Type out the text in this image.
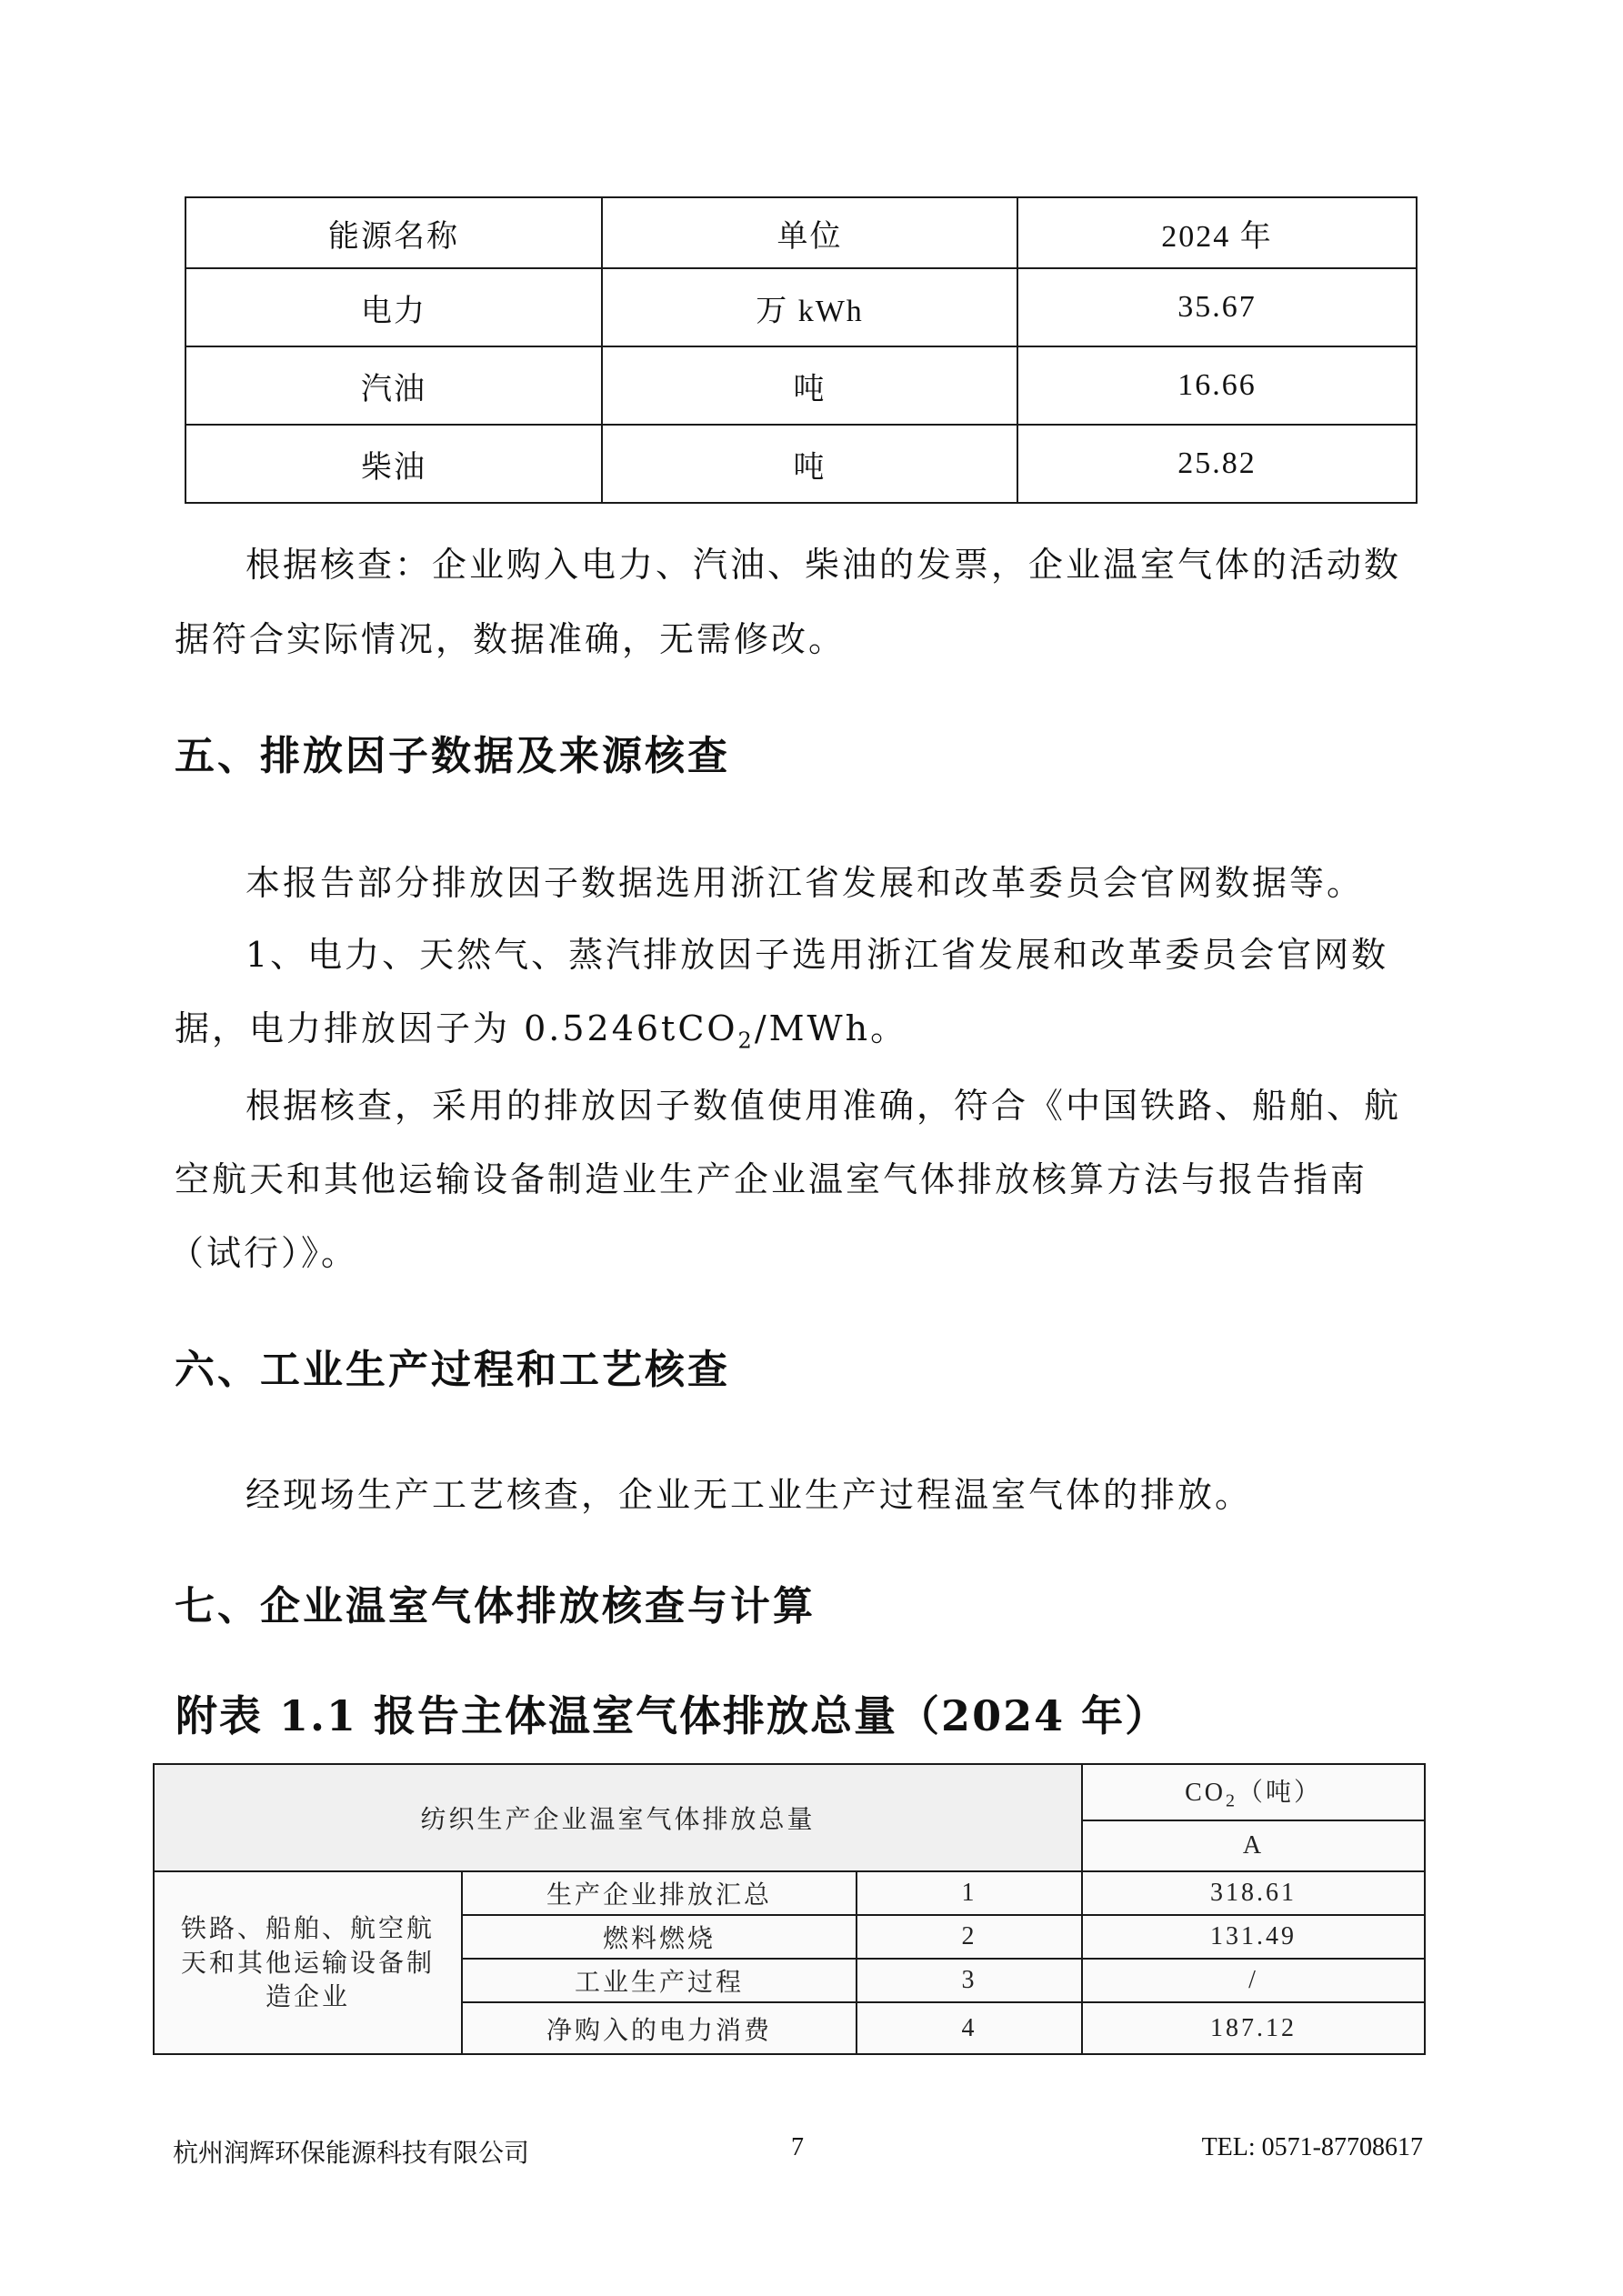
能源名称	单位	2024 年
电力	万 kWh	35.67
汽油	吨	16.66
柴油	吨	25.82
根据核查：企业购入电力、汽油、柴油的发票，企业温室气体的活动数
据符合实际情况，数据准确，无需修改。
五、排放因子数据及来源核查
本报告部分排放因子数据选用浙江省发展和改革委员会官网数据等。
1、电力、天然气、蒸汽排放因子选用浙江省发展和改革委员会官网数
据，电力排放因子为 0.5246tCO$_2$/MWh。
根据核查，采用的排放因子数值使用准确，符合《中国铁路、船舶、航
空航天和其他运输设备制造业生产企业温室气体排放核算方法与报告指南
（试行）》。
六、工业生产过程和工艺核查
经现场生产工艺核查，企业无工业生产过程温室气体的排放。
七、企业温室气体排放核查与计算
附表 1.1 报告主体温室气体排放总量（2024 年）
纺织生产企业温室气体排放总量			$CO_2$（吨）
			A
铁路、船舶、航空航天和其他运输设备制造企业	生产企业排放汇总	1	318.61
	燃料燃烧	2	131.49
	工业生产过程	3	/
	净购入的电力消费	4	187.12
杭州润辉环保能源科技有限公司	7	TEL: 0571-87708617
